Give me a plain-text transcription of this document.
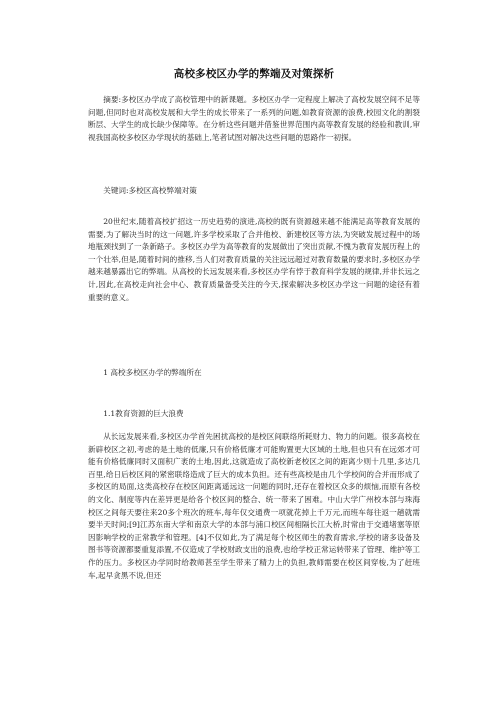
高校多校区办学的弊端及对策探析

摘要:多校区办学成了高校管理中的新课题。多校区办学一定程度上解决了高校发展空间不足等问题,但同时也对高校发展和大学生的成长带来了一系列的问题,如教育资源的浪费,校园文化的割裂断层、大学生的成长缺少保障等。在分析这些问题并借鉴世界范围内高等教育发展的经验和教训,审视我国高校多校区办学现状的基础上,笔者试图对解决这些问题的思路作一初探。

关键词:多校区高校弊端对策

20世纪末,随着高校扩招这一历史趋势的演进,高校的既有资源越来越不能满足高等教育发展的需要,为了解决当时的这一问题,许多学校采取了合并他校、新建校区等方法,为突破发展过程中的场地瓶颈找到了一条新路子。多校区办学为高等教育的发展做出了突出贡献,不愧为教育发展历程上的一个壮举,但是,随着时间的推移,当人们对教育质量的关注远远超过对教育数量的要求时,多校区办学越来越暴露出它的弊端。从高校的长远发展来看,多校区办学有悖于教育科学发展的规律,并非长远之计,因此,在高校走向社会中心、教育质量备受关注的今天,探索解决多校区办学这一问题的途径有着重要的意义。

1 高校多校区办学的弊端所在

1.1教育资源的巨大浪费

从长远发展来看,多校区办学首先困扰高校的是校区间联络所耗财力、物力的问题。很多高校在新辟校区之初,考虑的是土地的低廉,只有价格低廉才可能购置更大区域的土地,但也只有在远郊才可能有价格低廉同时又面积广袤的土地,因此,这就造成了高校新老校区之间的距离少则十几里,多达几百里,给日后校区间的紧密联络造成了巨大的成本负担。还有些高校是由几个学校间的合并而形成了多校区的局面,这类高校存在校区间距离遥远这一问题的同时,还存在着校区众多的烦恼,而原有各校的文化、制度等内在差异更是给各个校区间的整合、统一带来了困难。中山大学广州校本部与珠海校区之间每天要往来20多个班次的班车,每年仅交通费一项就花掉上千万元,而班车每往返一趟就需要半天时间;[9]江苏东南大学和南京大学的本部与浦口校区间相隔长江大桥,时常由于交通堵塞等原因影响学校的正常教学和管理。[4]不仅如此,为了满足每个校区师生的教育需求,学校的诸多设备及图书等资源都要重复添置,不仅造成了学校财政支出的浪费,也给学校正常运转带来了管理、维护等工作的压力。多校区办学同时给教师甚至学生带来了精力上的负担,教师需要在校区间穿梭,为了赶班车,起早贪黑不说,但还
